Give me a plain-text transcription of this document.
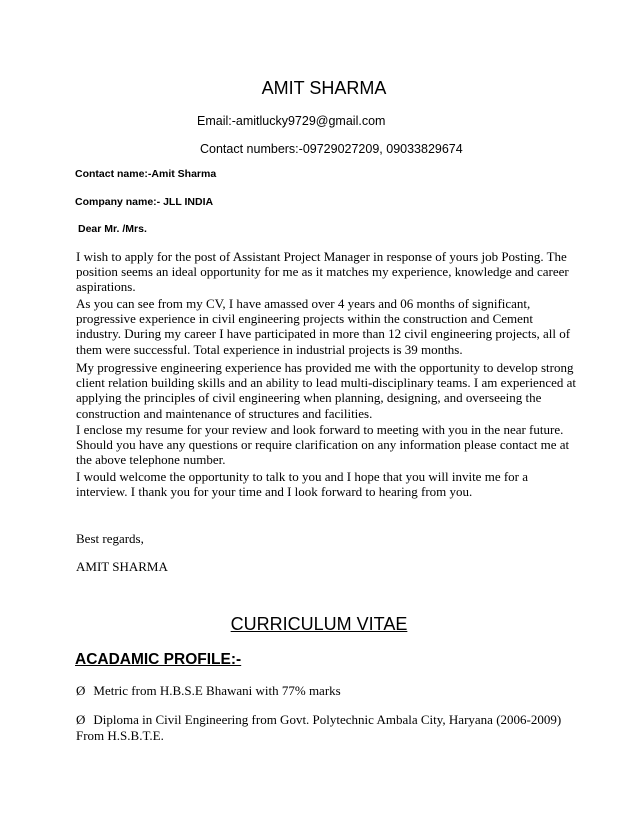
AMIT SHARMA
Email:-amitlucky9729@gmail.com
Contact numbers:-09729027209, 09033829674
Contact name:-Amit Sharma
Company name:- JLL INDIA
Dear Mr. /Mrs.

I wish to apply for the post of Assistant Project Manager in response of yours job Posting. The position seems an ideal opportunity for me as it matches my experience, knowledge and career aspirations.

As you can see from my CV, I have amassed over 4 years and 06 months of significant, progressive experience in civil engineering projects within the construction and Cement industry. During my career I have participated in more than 12 civil engineering projects, all of them were successful. Total experience in industrial projects is 39 months.

My progressive engineering experience has provided me with the opportunity to develop strong client relation building skills and an ability to lead multi-disciplinary teams. I am experienced at applying the principles of civil engineering when planning, designing, and overseeing the construction and maintenance of structures and facilities.

I enclose my resume for your review and look forward to meeting with you in the near future. Should you have any questions or require clarification on any information please contact me at the above telephone number.

I would welcome the opportunity to talk to you and I hope that you will invite me for a interview. I thank you for your time and I look forward to hearing from you.

Best regards,
AMIT SHARMA
CURRICULUM VITAE
ACADAMIC PROFILE:-
Ø Metric from H.B.S.E Bhawani with 77% marks
Ø Diploma in Civil Engineering from Govt. Polytechnic Ambala City, Haryana (2006-2009) From H.S.B.T.E.
